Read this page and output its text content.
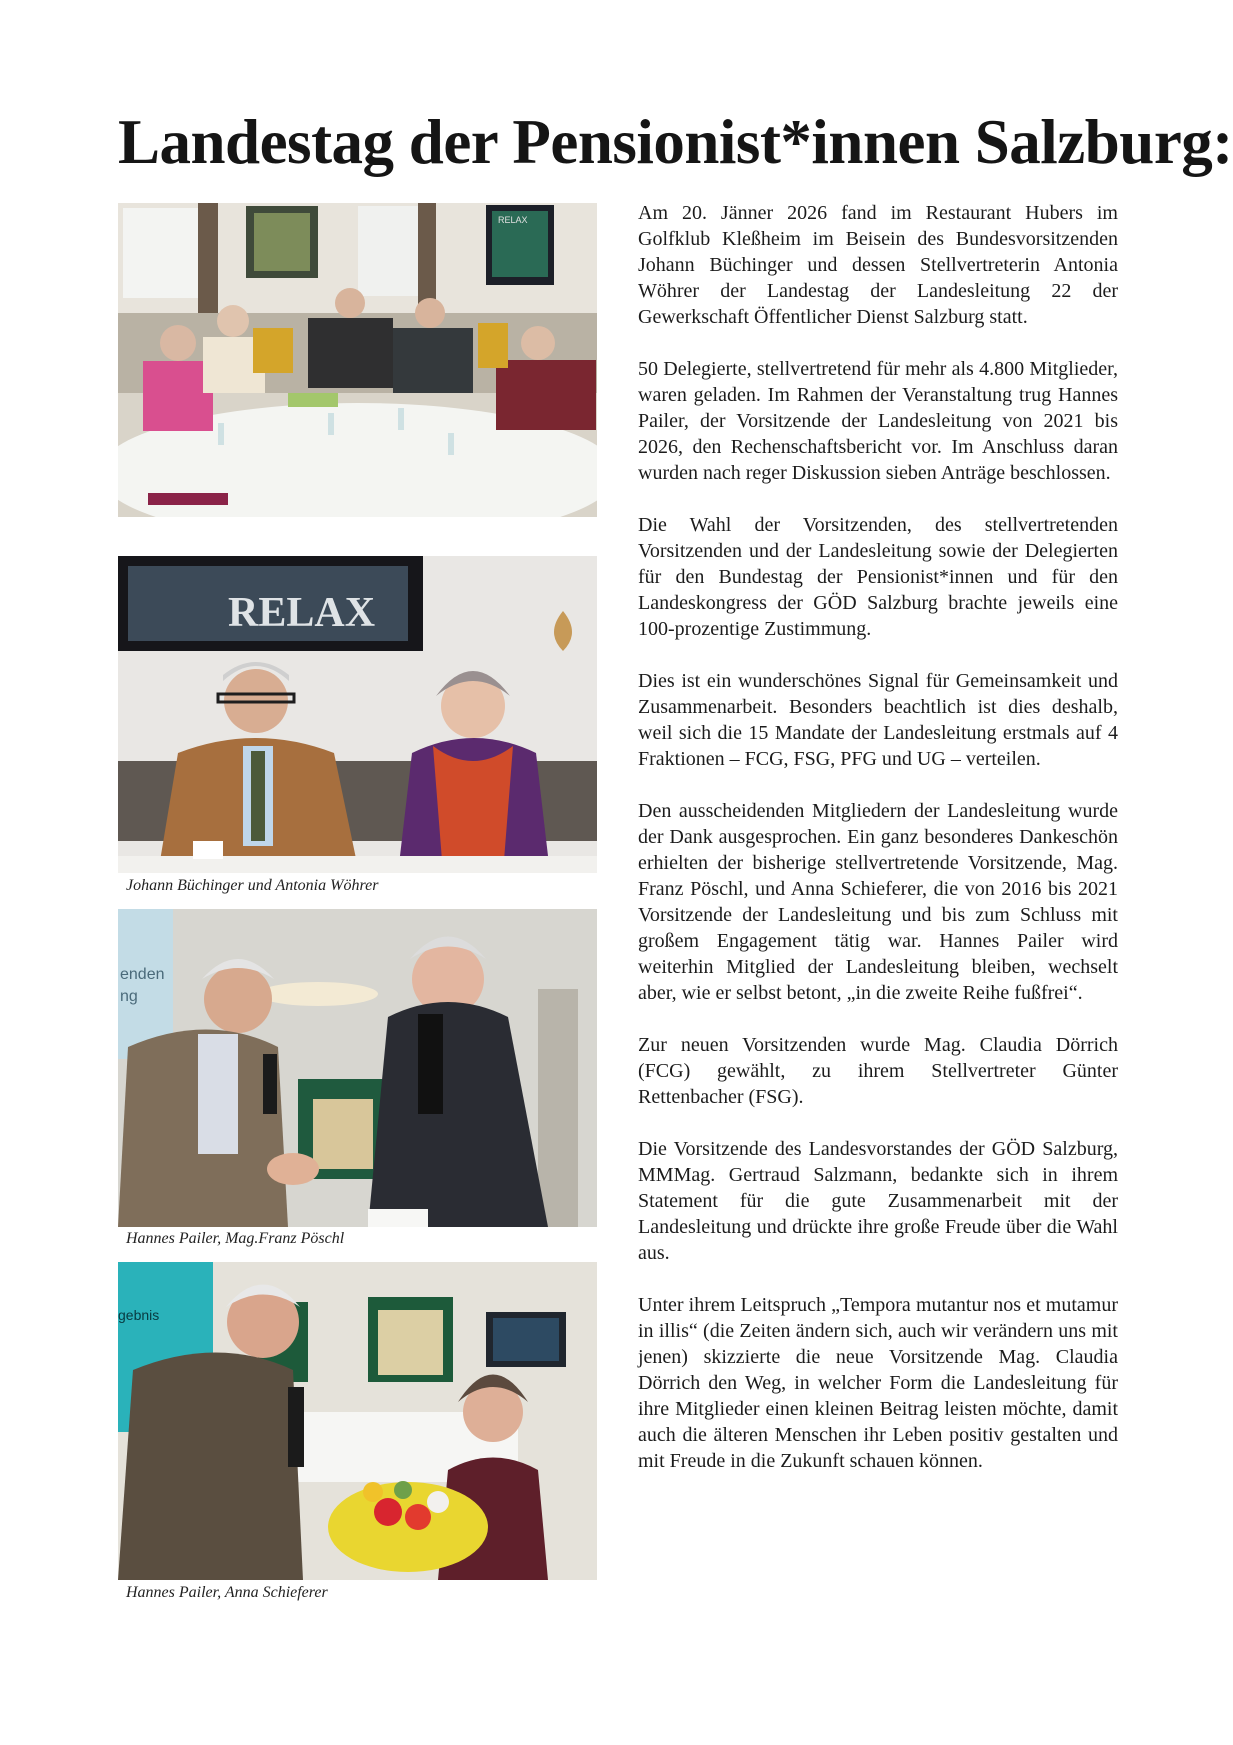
Landestag der Pensionist*innen Salzburg:
RELAX
RELAX

Johann Büchinger und Antonia Wöhrer

enden
ng

Hannes Pailer, Mag.Franz Pöschl

gebnis

Hannes Pailer, Anna Schieferer

Am 20. Jänner 2026 fand im Restaurant Hubers im Golfklub Kleßheim im Beisein des Bundesvorsitzenden Johann Büchinger und dessen Stellvertreterin Antonia Wöhrer der Landestag der Landesleitung 22 der Gewerkschaft Öffentlicher Dienst Salzburg statt.

50 Delegierte, stellvertretend für mehr als 4.800 Mitglieder, waren geladen. Im Rahmen der Veranstaltung trug Hannes Pailer, der Vorsitzende der Landesleitung von 2021 bis 2026, den Rechenschaftsbericht vor. Im Anschluss daran wurden nach reger Diskussion sieben Anträge beschlossen.

Die Wahl der Vorsitzenden, des stellvertretenden Vorsitzenden und der Landesleitung sowie der Delegierten für den Bundestag der Pensionist*innen und für den Landeskongress der GÖD Salzburg brachte jeweils eine 100-prozentige Zustimmung.

Dies ist ein wunderschönes Signal für Gemeinsamkeit und Zusammenarbeit. Besonders beachtlich ist dies deshalb, weil sich die 15 Mandate der Landesleitung erstmals auf 4 Fraktionen – FCG, FSG, PFG und UG – verteilen.

Den ausscheidenden Mitgliedern der Landesleitung wurde der Dank ausgesprochen. Ein ganz besonderes Dankeschön erhielten der bisherige stellvertretende Vorsitzende, Mag. Franz Pöschl, und Anna Schieferer, die von 2016 bis 2021 Vorsitzende der Landesleitung und bis zum Schluss mit großem Engagement tätig war. Hannes Pailer wird weiterhin Mitglied der Landesleitung bleiben, wechselt aber, wie er selbst betont, „in die zweite Reihe fußfrei“.

Zur neuen Vorsitzenden wurde Mag. Claudia Dörrich (FCG) gewählt, zu ihrem Stellvertreter Günter Rettenbacher (FSG).

Die Vorsitzende des Landesvorstandes der GÖD Salzburg, MMMag. Gertraud Salzmann, bedankte sich in ihrem Statement für die gute Zusammenarbeit mit der Landesleitung und drückte ihre große Freude über die Wahl aus.

Unter ihrem Leitspruch „Tempora mutantur nos et mutamur in illis“ (die Zeiten ändern sich, auch wir verändern uns mit jenen) skizzierte die neue Vorsitzende Mag. Claudia Dörrich den Weg, in welcher Form die Landesleitung für ihre Mitglieder einen kleinen Beitrag leisten möchte, damit auch die älteren Menschen ihr Leben positiv gestalten und mit Freude in die Zukunft schauen können.
